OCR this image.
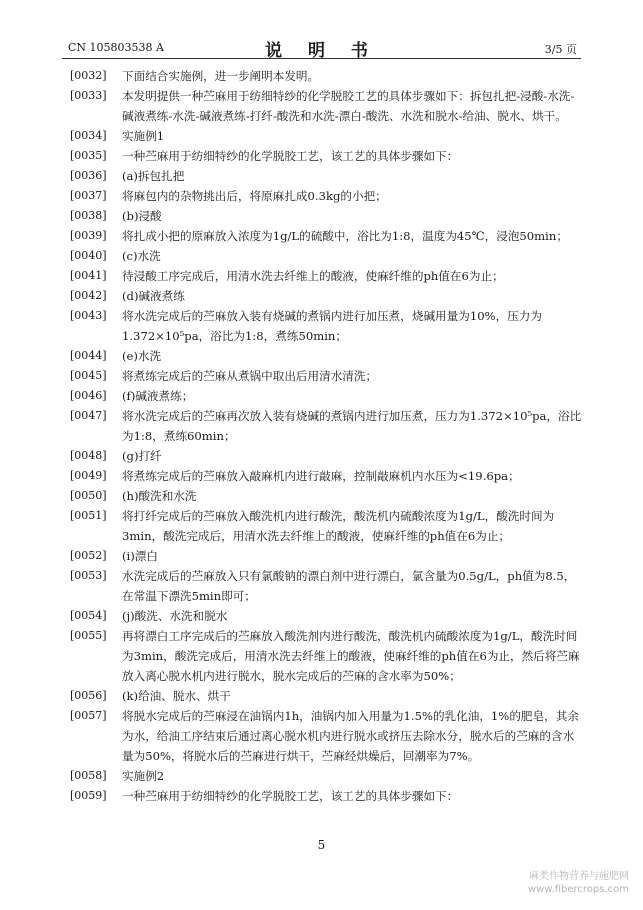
CN 105803538 A	说 明 书	3/5 页
[0032] 下面结合实施例，进一步阐明本发明。
[0033] 本发明提供一种苎麻用于纺细特纱的化学脱胶工艺的具体步骤如下：拆包扎把-浸酸-水洗-碱液煮练-水洗-碱液煮练-打纤-酸洗和水洗-漂白-酸洗、水洗和脱水-给油、脱水、烘干。
[0034] 实施例1
[0035] 一种苎麻用于纺细特纱的化学脱胶工艺，该工艺的具体步骤如下：
[0036] (a)拆包扎把
[0037] 将麻包内的杂物挑出后，将原麻扎成0.3kg的小把；
[0038] (b)浸酸
[0039] 将扎成小把的原麻放入浓度为1g/L的硫酸中，浴比为1:8，温度为45℃，浸泡50min；
[0040] (c)水洗
[0041] 待浸酸工序完成后，用清水洗去纤维上的酸液，使麻纤维的ph值在6为止；
[0042] (d)碱液煮练
[0043] 将水洗完成后的苎麻放入装有烧碱的煮锅内进行加压煮，烧碱用量为10%，压力为1.372×10⁵pa，浴比为1:8，煮练50min；
[0044] (e)水洗
[0045] 将煮练完成后的苎麻从煮锅中取出后用清水清洗；
[0046] (f)碱液煮练；
[0047] 将水洗完成后的苎麻再次放入装有烧碱的煮锅内进行加压煮，压力为1.372×10⁵pa，浴比为1:8，煮练60min；
[0048] (g)打纤
[0049] 将煮练完成后的苎麻放入敲麻机内进行敲麻，控制敲麻机内水压为<19.6pa；
[0050] (h)酸洗和水洗
[0051] 将打纤完成后的苎麻放入酸洗机内进行酸洗，酸洗机内硫酸浓度为1g/L，酸洗时间为3min，酸洗完成后，用清水洗去纤维上的酸液，使麻纤维的ph值在6为止；
[0052] (i)漂白
[0053] 水洗完成后的苎麻放入只有氯酸钠的漂白剂中进行漂白，氯含量为0.5g/L，ph值为8.5，在常温下漂洗5min即可；
[0054] (j)酸洗、水洗和脱水
[0055] 再将漂白工序完成后的苎麻放入酸洗剂内进行酸洗，酸洗机内硫酸浓度为1g/L，酸洗时间为3min，酸洗完成后，用清水洗去纤维上的酸液，使麻纤维的ph值在6为止，然后将苎麻放入离心脱水机内进行脱水，脱水完成后的苎麻的含水率为50%；
[0056] (k)给油、脱水、烘干
[0057] 将脱水完成后的苎麻浸在油锅内1h，油锅内加入用量为1.5%的乳化油，1%的肥皂，其余为水，给油工序结束后通过离心脱水机内进行脱水或挤压去除水分，脱水后的苎麻的含水量为50%，将脱水后的苎麻进行烘干，苎麻经烘燥后，回潮率为7%。
[0058] 实施例2
[0059] 一种苎麻用于纺细特纱的化学脱胶工艺，该工艺的具体步骤如下：
5
麻类作物营养与施肥网
www.fibercrops.com
